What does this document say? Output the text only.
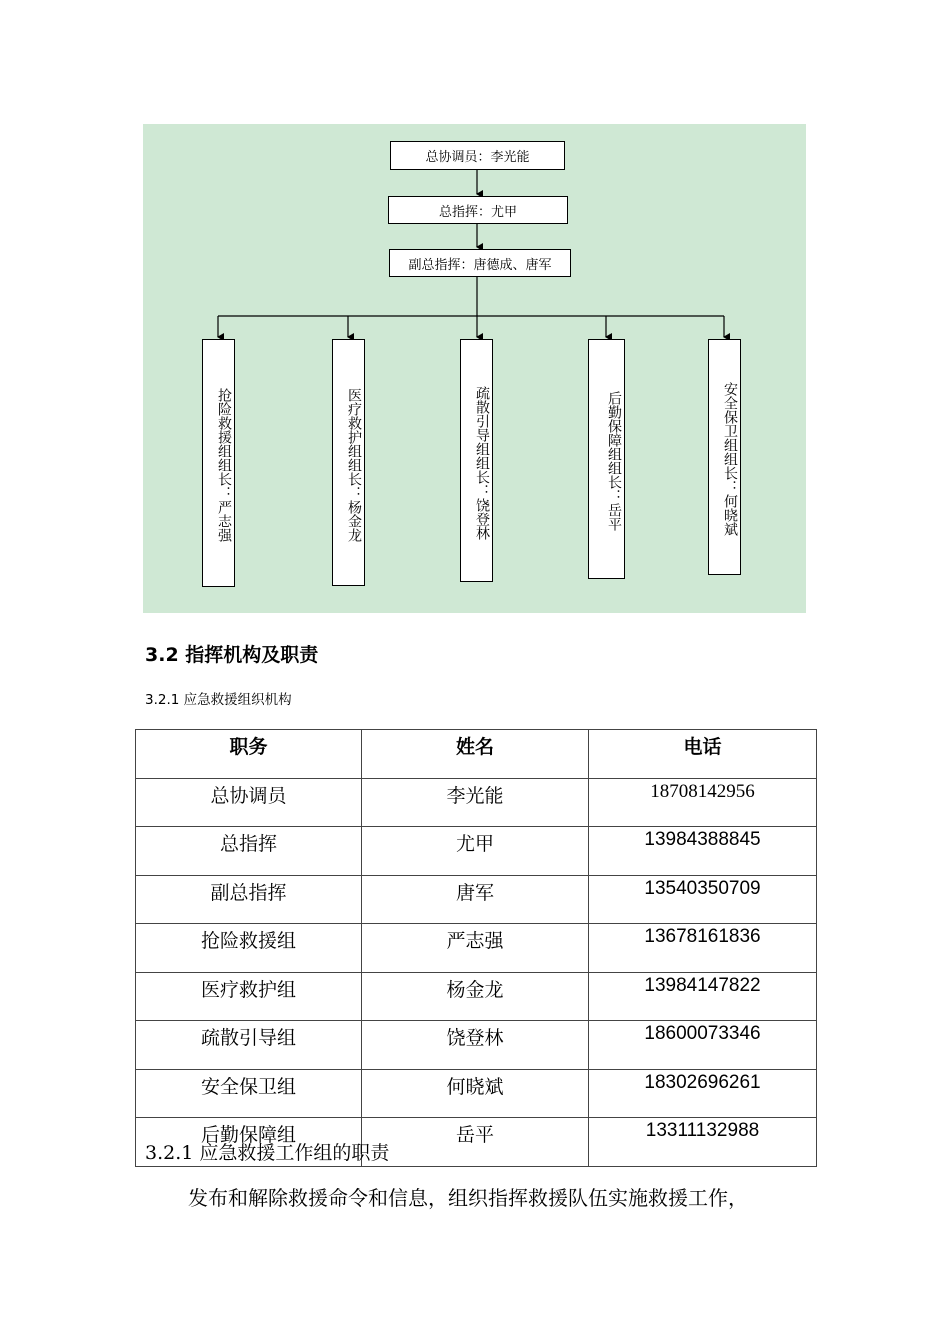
总协调员：李光能
总指挥：尤甲
副总指挥：唐德成、唐军
抢险救援组组长：严志强	医疗救护组组长：杨金龙	疏散引导组组长：饶登林	后勤保障组组长：岳平	安全保卫组组长：何晓斌
3.2 指挥机构及职责
3.2.1 应急救援组织机构
职务	姓名	电话
总协调员	李光能	18708142956
总指挥	尤甲	13984388845
副总指挥	唐军	13540350709
抢险救援组	严志强	13678161836
医疗救护组	杨金龙	13984147822
疏散引导组	饶登林	18600073346
安全保卫组	何晓斌	18302696261
后勤保障组	岳平	13311132988
3.2.1 应急救援工作组的职责
发布和解除救援命令和信息，组织指挥救援队伍实施救援工作，
